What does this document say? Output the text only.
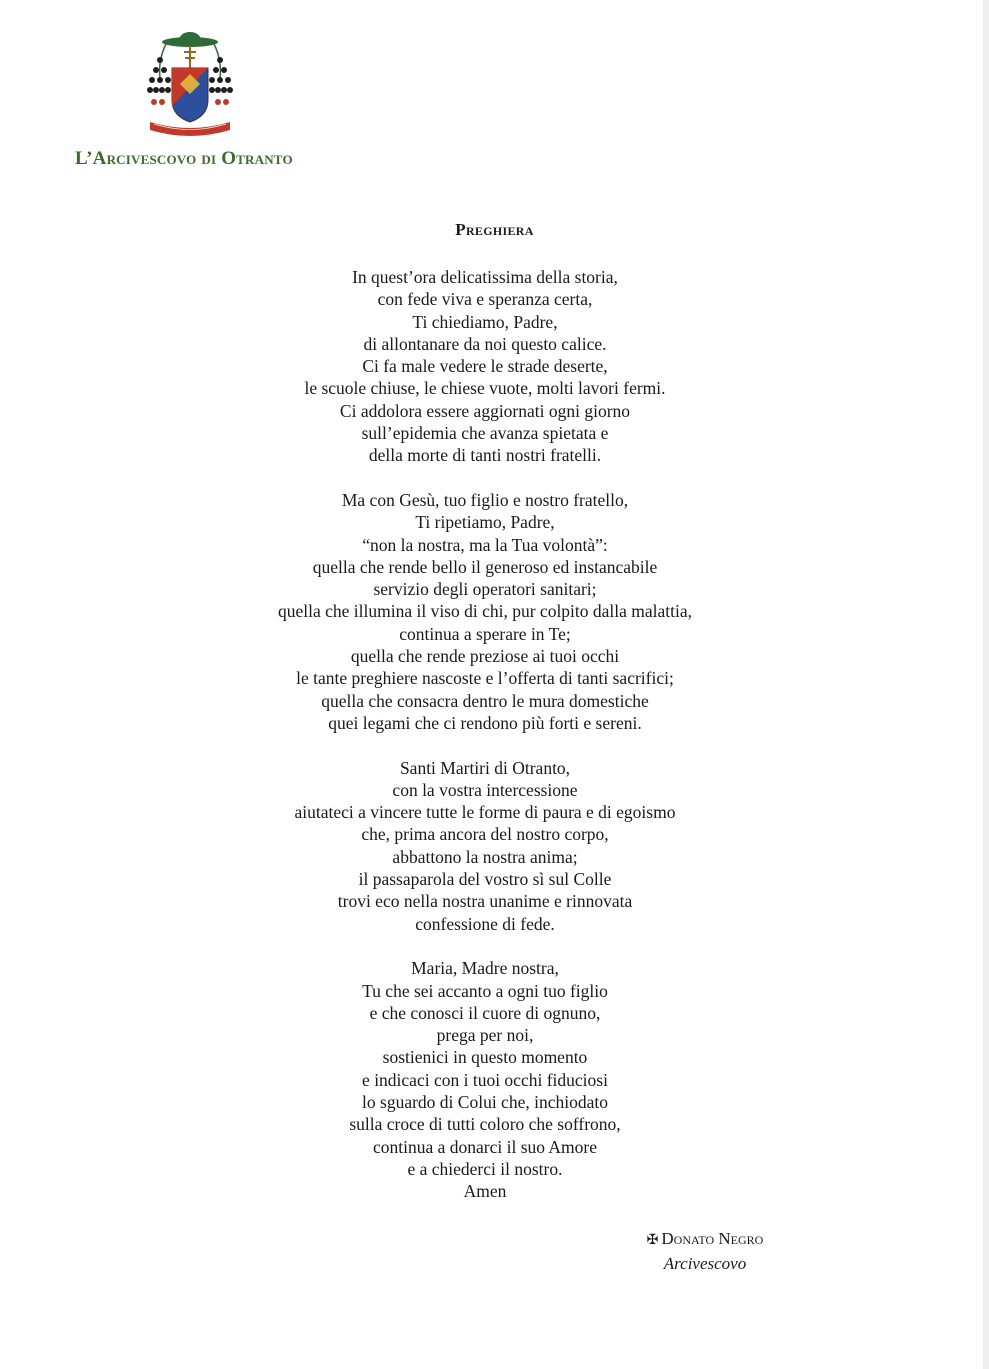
L’Arcivescovo di Otranto
Preghiera
In quest’ora delicatissima della storia,
con fede viva e speranza certa,
Ti chiediamo, Padre,
di allontanare da noi questo calice.
Ci fa male vedere le strade deserte,
le scuole chiuse, le chiese vuote, molti lavori fermi.
Ci addolora essere aggiornati ogni giorno
sull’epidemia che avanza spietata e
della morte di tanti nostri fratelli.
Ma con Gesù, tuo figlio e nostro fratello,
Ti ripetiamo, Padre,
“non la nostra, ma la Tua volontà”:
quella che rende bello il generoso ed instancabile
servizio degli operatori sanitari;
quella che illumina il viso di chi, pur colpito dalla malattia,
continua a sperare in Te;
quella che rende preziose ai tuoi occhi
le tante preghiere nascoste e l’offerta di tanti sacrifici;
quella che consacra dentro le mura domestiche
quei legami che ci rendono più forti e sereni.
Santi Martiri di Otranto,
con la vostra intercessione
aiutateci a vincere tutte le forme di paura e di egoismo
che, prima ancora del nostro corpo,
abbattono la nostra anima;
il passaparola del vostro sì sul Colle
trovi eco nella nostra unanime e rinnovata
confessione di fede.
Maria, Madre nostra,
Tu che sei accanto a ogni tuo figlio
e che conosci il cuore di ognuno,
prega per noi,
sostienici in questo momento
e indicaci con i tuoi occhi fiduciosi
lo sguardo di Colui che, inchiodato
sulla croce di tutti coloro che soffrono,
continua a donarci il suo Amore
e a chiederci il nostro.
Amen
✠ Donato Negro
Arcivescovo
